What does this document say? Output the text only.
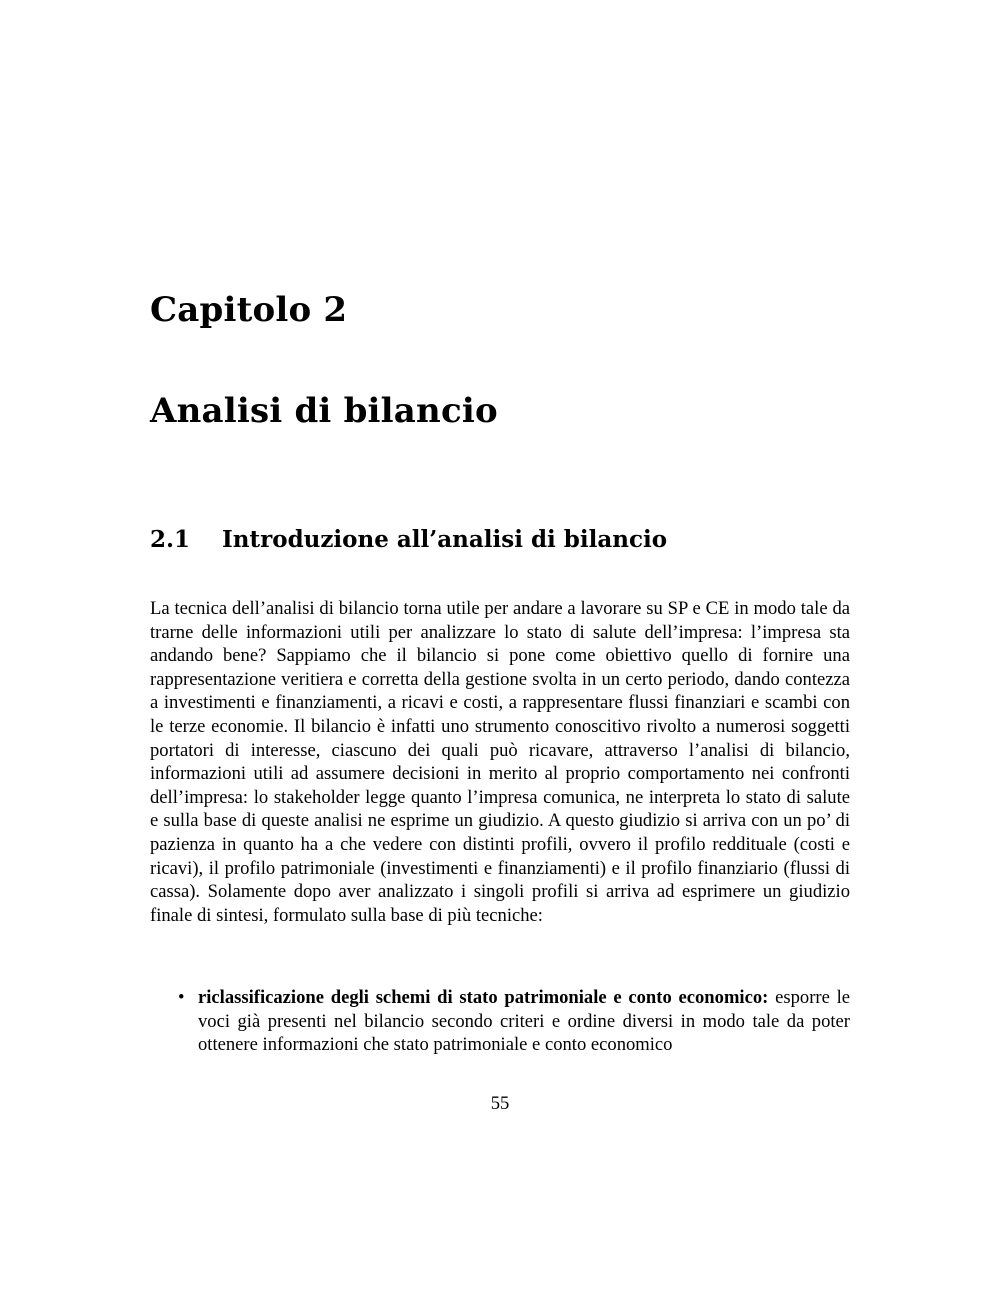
Capitolo 2
Analisi di bilancio
2.1 Introduzione all’analisi di bilancio

La tecnica dell’analisi di bilancio torna utile per andare a lavorare su SP e CE in modo tale da trarne delle informazioni utili per analizzare lo stato di salute dell’impresa: l’impresa sta andando bene? Sappiamo che il bilancio si pone come obiettivo quello di fornire una rappresentazione veritiera e corretta della gestione svolta in un certo periodo, dando contezza a investimenti e finanziamenti, a ricavi e costi, a rappresentare flussi finanziari e scambi con le terze economie. Il bilancio è infatti uno strumento conoscitivo rivolto a numerosi soggetti portatori di interesse, ciascuno dei quali può ricavare, attraverso l’analisi di bilancio, informazioni utili ad assumere decisioni in merito al proprio comportamento nei confronti dell’impresa: lo stakeholder legge quanto l’impresa comunica, ne interpreta lo stato di salute e sulla base di queste analisi ne esprime un giudizio. A questo giudizio si arriva con un po’ di pazienza in quanto ha a che vedere con distinti profili, ovvero il profilo reddituale (costi e ricavi), il profilo patrimoniale (investimenti e finanziamenti) e il profilo finanziario (flussi di cassa). Solamente dopo aver analizzato i singoli profili si arriva ad esprimere un giudizio finale di sintesi, formulato sulla base di più tecniche:

• riclassificazione degli schemi di stato patrimoniale e conto economico: esporre le voci già presenti nel bilancio secondo criteri e ordine diversi in modo tale da poter ottenere informazioni che stato patrimoniale e conto economico
55
